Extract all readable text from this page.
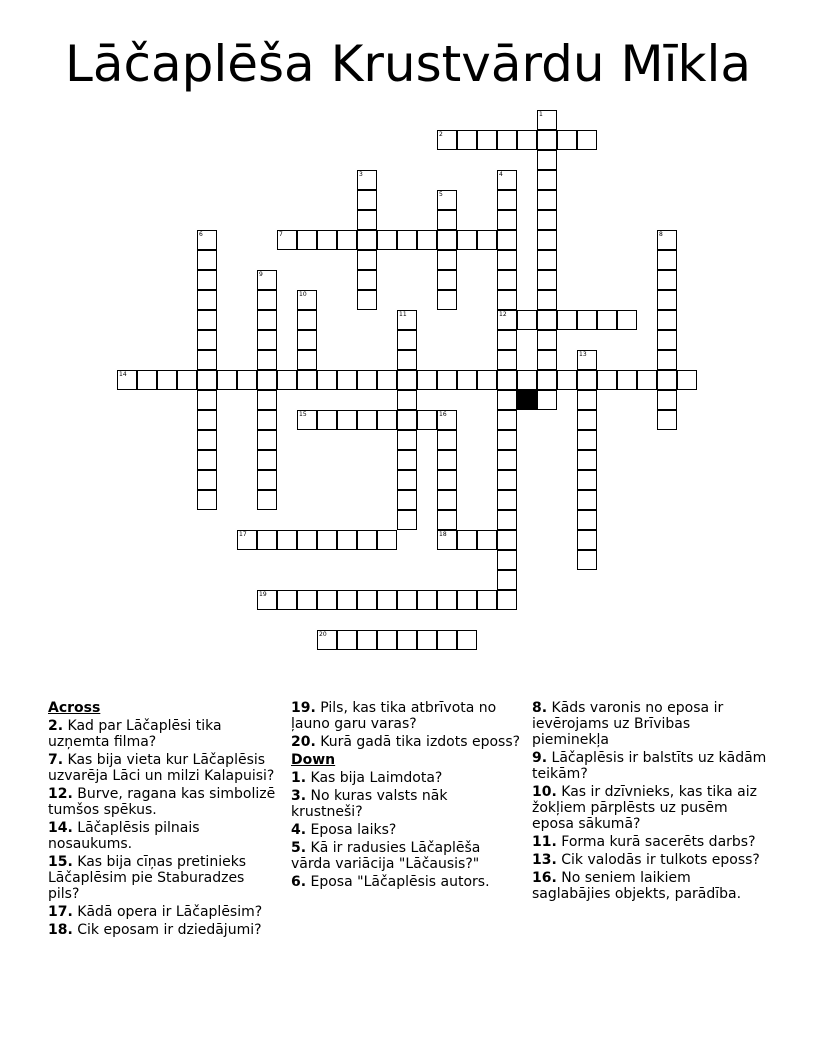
Lāčaplēša Krustvārdu Mīkla
1
2
3	4
12
5
6	7	8
9
10
11
13
14
15	16
17	18
19
20
Across
2. Kad par Lāčaplēsi tika uzņemta filma?
7. Kas bija vieta kur Lāčaplēsis uzvarēja Lāci un milzi Kalapuisi?
12. Burve, ragana kas simbolizē tumšos spēkus.
14. Lāčaplēsis pilnais nosaukums.
15. Kas bija cīņas pretinieks Lāčaplēsim pie Staburadzes pils?
17. Kādā opera ir Lāčaplēsim?
18. Cik eposam ir dziedājumi?
19. Pils, kas tika atbrīvota no ļauno garu varas?
20. Kurā gadā tika izdots eposs?
Down
1. Kas bija Laimdota?
3. No kuras valsts nāk krustneši?
4. Eposa laiks?
5. Kā ir radusies Lāčaplēša vārda variācija "Lāčausis?"
6. Eposa "Lāčaplēsis autors.
8. Kāds varonis no eposa ir ievērojams uz Brīvibas pieminekļa
9. Lāčaplēsis ir balstīts uz kādām teikām?
10. Kas ir dzīvnieks, kas tika aiz žokļiem pārplēsts uz pusēm eposa sākumā?
11. Forma kurā sacerēts darbs?
13. Cik valodās ir tulkots eposs?
16. No seniem laikiem saglabājies objekts, parādība.
